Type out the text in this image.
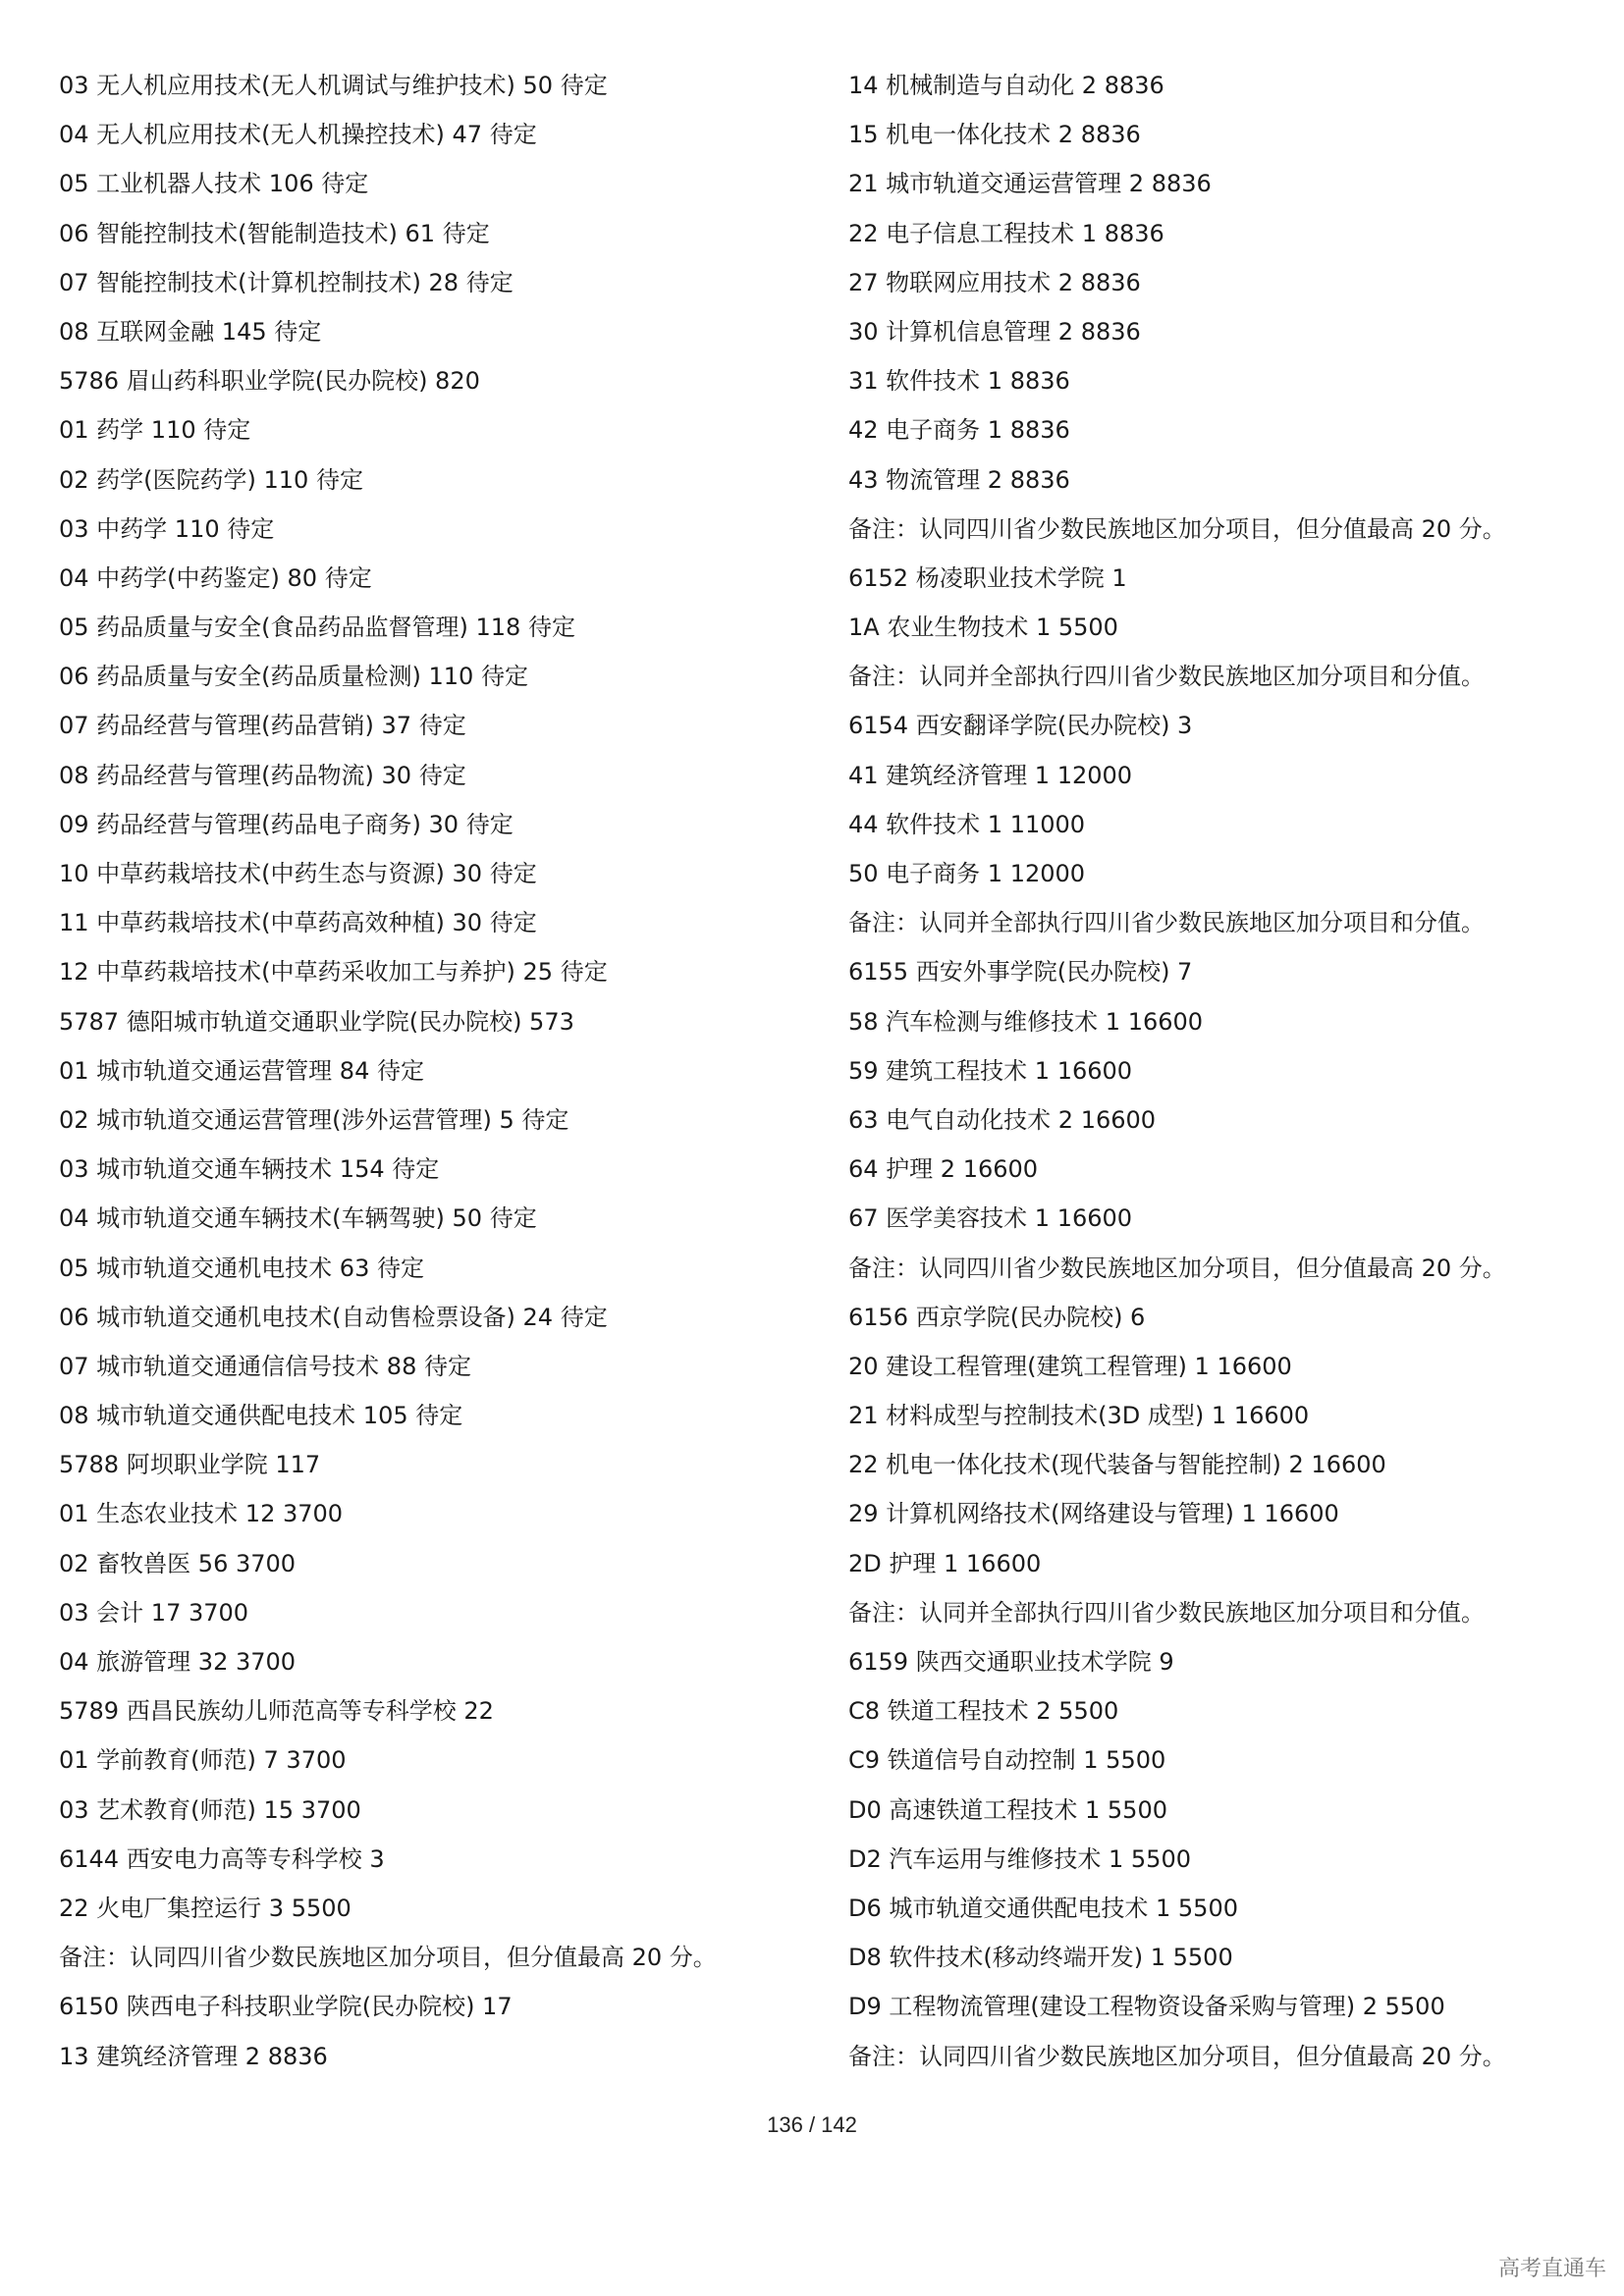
03 无人机应用技术(无人机调试与维护技术) 50 待定
04 无人机应用技术(无人机操控技术) 47 待定
05 工业机器人技术 106 待定
06 智能控制技术(智能制造技术) 61 待定
07 智能控制技术(计算机控制技术) 28 待定
08 互联网金融 145 待定
5786 眉山药科职业学院(民办院校) 820
01 药学 110 待定
02 药学(医院药学) 110 待定
03 中药学 110 待定
04 中药学(中药鉴定) 80 待定
05 药品质量与安全(食品药品监督管理) 118 待定
06 药品质量与安全(药品质量检测) 110 待定
07 药品经营与管理(药品营销) 37 待定
08 药品经营与管理(药品物流) 30 待定
09 药品经营与管理(药品电子商务) 30 待定
10 中草药栽培技术(中药生态与资源) 30 待定
11 中草药栽培技术(中草药高效种植) 30 待定
12 中草药栽培技术(中草药采收加工与养护) 25 待定
5787 德阳城市轨道交通职业学院(民办院校) 573
01 城市轨道交通运营管理 84 待定
02 城市轨道交通运营管理(涉外运营管理) 5 待定
03 城市轨道交通车辆技术 154 待定
04 城市轨道交通车辆技术(车辆驾驶) 50 待定
05 城市轨道交通机电技术 63 待定
06 城市轨道交通机电技术(自动售检票设备) 24 待定
07 城市轨道交通通信信号技术 88 待定
08 城市轨道交通供配电技术 105 待定
5788 阿坝职业学院 117
01 生态农业技术 12 3700
02 畜牧兽医 56 3700
03 会计 17 3700
04 旅游管理 32 3700
5789 西昌民族幼儿师范高等专科学校 22
01 学前教育(师范) 7 3700
03 艺术教育(师范) 15 3700
6144 西安电力高等专科学校 3
22 火电厂集控运行 3 5500
备注：认同四川省少数民族地区加分项目，但分值最高 20 分。
6150 陕西电子科技职业学院(民办院校) 17
13 建筑经济管理 2 8836
14 机械制造与自动化 2 8836
15 机电一体化技术 2 8836
21 城市轨道交通运营管理 2 8836
22 电子信息工程技术 1 8836
27 物联网应用技术 2 8836
30 计算机信息管理 2 8836
31 软件技术 1 8836
42 电子商务 1 8836
43 物流管理 2 8836
备注：认同四川省少数民族地区加分项目，但分值最高 20 分。
6152 杨凌职业技术学院 1
1A 农业生物技术 1 5500
备注：认同并全部执行四川省少数民族地区加分项目和分值。
6154 西安翻译学院(民办院校) 3
41 建筑经济管理 1 12000
44 软件技术 1 11000
50 电子商务 1 12000
备注：认同并全部执行四川省少数民族地区加分项目和分值。
6155 西安外事学院(民办院校) 7
58 汽车检测与维修技术 1 16600
59 建筑工程技术 1 16600
63 电气自动化技术 2 16600
64 护理 2 16600
67 医学美容技术 1 16600
备注：认同四川省少数民族地区加分项目，但分值最高 20 分。
6156 西京学院(民办院校) 6
20 建设工程管理(建筑工程管理) 1 16600
21 材料成型与控制技术(3D 成型) 1 16600
22 机电一体化技术(现代装备与智能控制) 2 16600
29 计算机网络技术(网络建设与管理) 1 16600
2D 护理 1 16600
备注：认同并全部执行四川省少数民族地区加分项目和分值。
6159 陕西交通职业技术学院 9
C8 铁道工程技术 2 5500
C9 铁道信号自动控制 1 5500
D0 高速铁道工程技术 1 5500
D2 汽车运用与维修技术 1 5500
D6 城市轨道交通供配电技术 1 5500
D8 软件技术(移动终端开发) 1 5500
D9 工程物流管理(建设工程物资设备采购与管理) 2 5500
备注：认同四川省少数民族地区加分项目，但分值最高 20 分。
136 / 142
高考直通车
